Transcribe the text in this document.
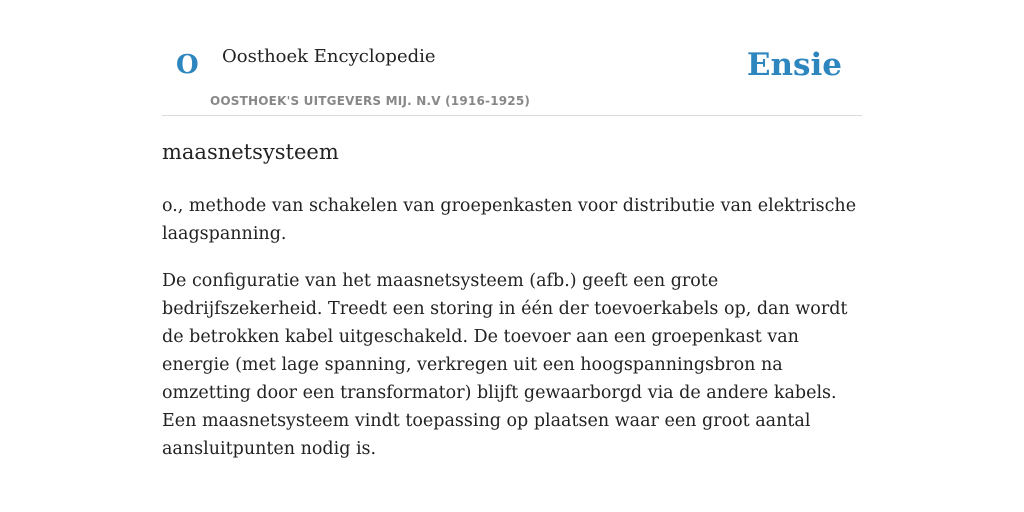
O Oosthoek Encyclopedie
OOSTHOEK'S UITGEVERS MIJ. N.V (1916-1925)
Ensie
maasnetsysteem

o., methode van schakelen van groepenkasten voor distributie van elektrische laagspanning.

De configuratie van het maasnetsysteem (afb.) geeft een grote bedrijfszekerheid. Treedt een storing in één der toevoerkabels op, dan wordt de betrokken kabel uitgeschakeld. De toevoer aan een groepenkast van energie (met lage spanning, verkregen uit een hoogspanningsbron na omzetting door een transformator) blijft gewaarborgd via de andere kabels. Een maasnetsysteem vindt toepassing op plaatsen waar een groot aantal aansluitpunten nodig is.
